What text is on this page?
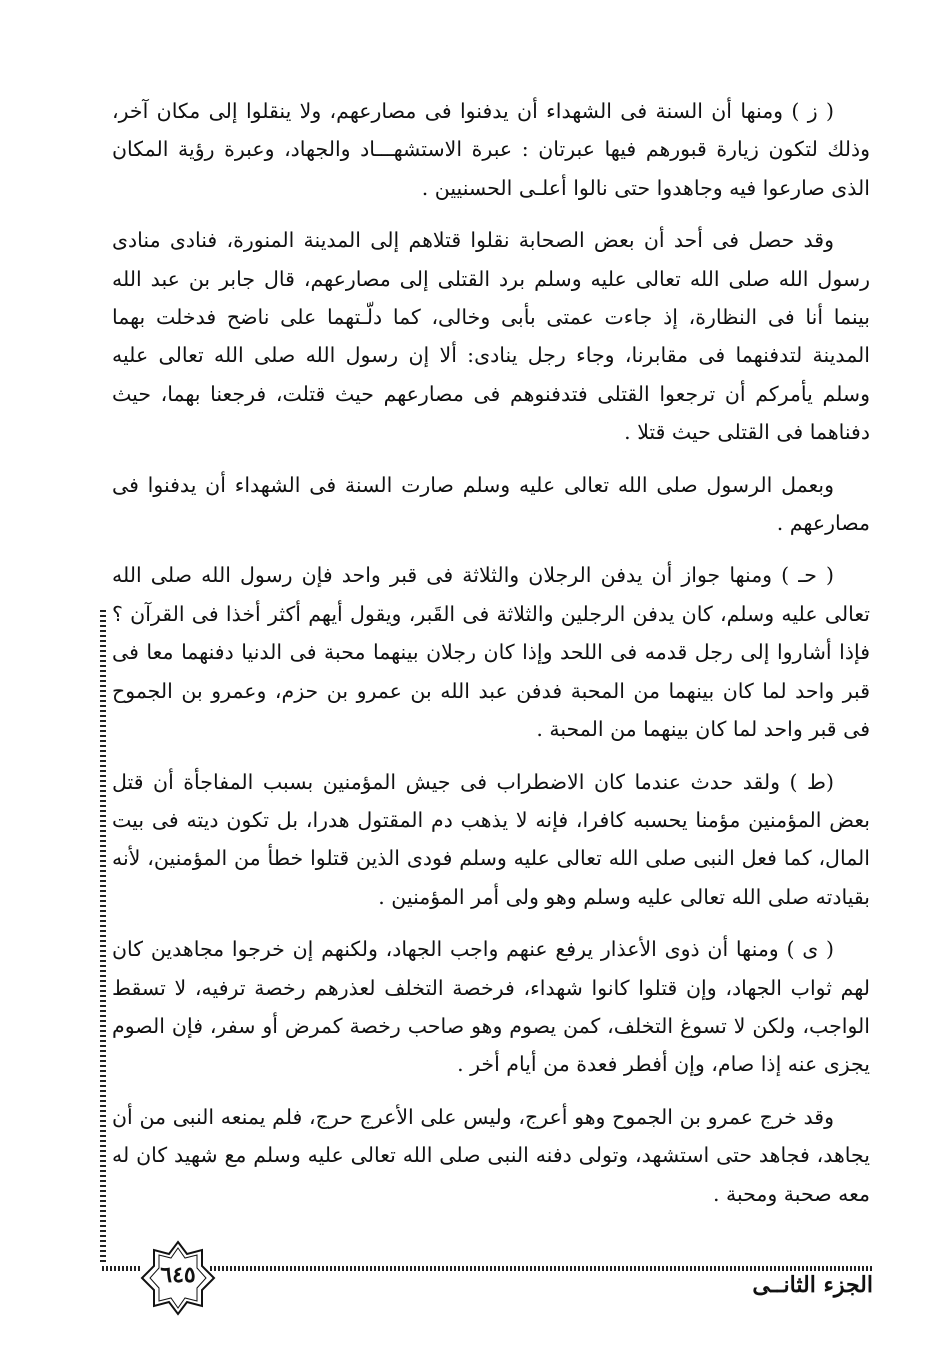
( ز ) ومنها أن السنة فى الشهداء أن يدفنوا فى مصارعهم، ولا ينقلوا إلى مكان آخر، وذلك لتكون زيارة قبورهم فيها عبرتان : عبرة الاستشهـــاد والجهاد، وعبرة رؤية المكان الذى صارعوا فيه وجاهدوا حتى نالوا أعلـى الحسنيين .

وقد حصل فى أحد أن بعض الصحابة نقلوا قتلاهم إلى المدينة المنورة، فنادى منادى رسول الله صلى الله تعالى عليه وسلم برد القتلى إلى مصارعهم، قال جابر بن عبد الله بينما أنا فى النظارة، إذ جاءت عمتى بأبى وخالى، كما دلّـتهما على ناضح فدخلت بهما المدينة لتدفنهما فى مقابرنا، وجاء رجل ينادى: ألا إن رسول الله صلى الله تعالى عليه وسلم يأمركم أن ترجعوا القتلى فتدفنوهم فى مصارعهم حيث قتلت، فرجعنا بهما، حيث دفناهما فى القتلى حيث قتلا .

وبعمل الرسول صلى الله تعالى عليه وسلم صارت السنة فى الشهداء أن يدفنوا فى مصارعهم .

( حـ ) ومنها جواز أن يدفن الرجلان والثلاثة فى قبر واحد فإن رسول الله صلى الله تعالى عليه وسلم، كان يدفن الرجلين والثلاثة فى القَبر، ويقول أيهم أكثر أخذا فى القرآن ؟ فإذا أشاروا إلى رجل قدمه فى اللحد وإذا كان رجلان بينهما محبة فى الدنيا دفنهما معا فى قبر واحد لما كان بينهما من المحبة فدفن عبد الله بن عمرو بن حزم، وعمرو بن الجموح فى قبر واحد لما كان بينهما من المحبة .

(ط ) ولقد حدث عندما كان الاضطراب فى جيش المؤمنين بسبب المفاجأة أن قتل بعض المؤمنين مؤمنا يحسبه كافرا، فإنه لا يذهب دم المقتول هدرا، بل تكون ديته فى بيت المال، كما فعل النبى صلى الله تعالى عليه وسلم فودى الذين قتلوا خطأ من المؤمنين، لأنه بقيادته صلى الله تعالى عليه وسلم وهو ولى أمر المؤمنين .

( ى ) ومنها أن ذوى الأعذار يرفع عنهم واجب الجهاد، ولكنهم إن خرجوا مجاهدين كان لهم ثواب الجهاد، وإن قتلوا كانوا شهداء، فرخصة التخلف لعذرهم رخصة ترفيه، لا تسقط الواجب، ولكن لا تسوغ التخلف، كمن يصوم وهو صاحب رخصة كمرض أو سفر، فإن الصوم يجزى عنه إذا صام، وإن أفطر فعدة من أيام أخر .

وقد خرج عمرو بن الجموح وهو أعرج، وليس على الأعرج حرج، فلم يمنعه النبى من أن يجاهد، فجاهد حتى استشهد، وتولى دفنه النبى صلى الله تعالى عليه وسلم مع شهيد كان له معه صحبة ومحبة .

٦٤٥	الجزء الثانــى
